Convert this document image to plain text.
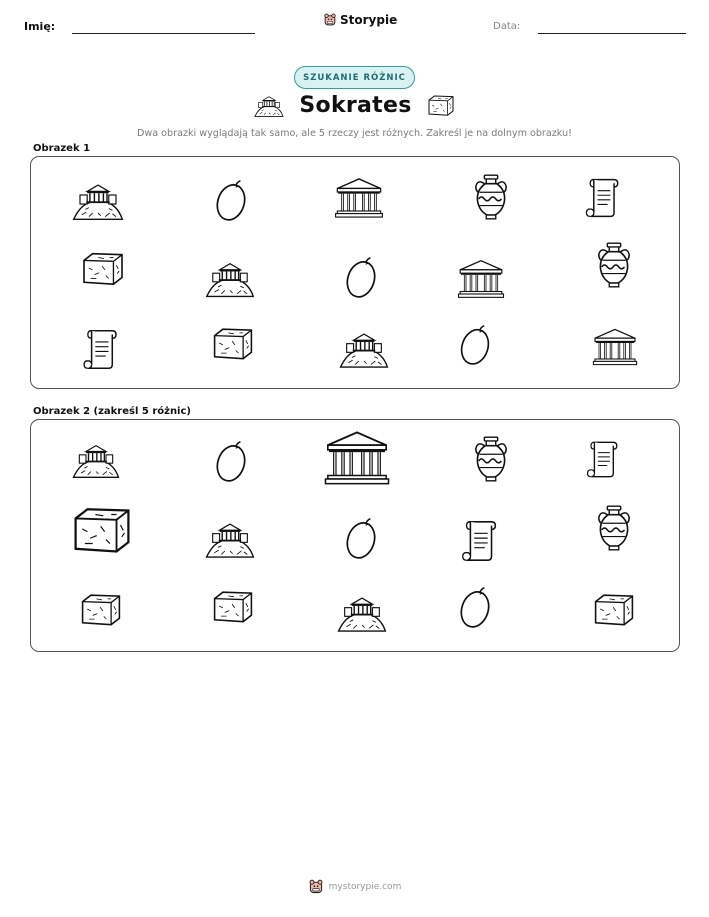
Imię:	Storypie	Data:
SZUKANIE RÓŻNIC
Sokrates
Dwa obrazki wyglądają tak samo, ale 5 rzeczy jest różnych. Zakreśl je na dolnym obrazku!
Obrazek 1
Obrazek 2 (zakreśl 5 różnic)
mystorypie.com
